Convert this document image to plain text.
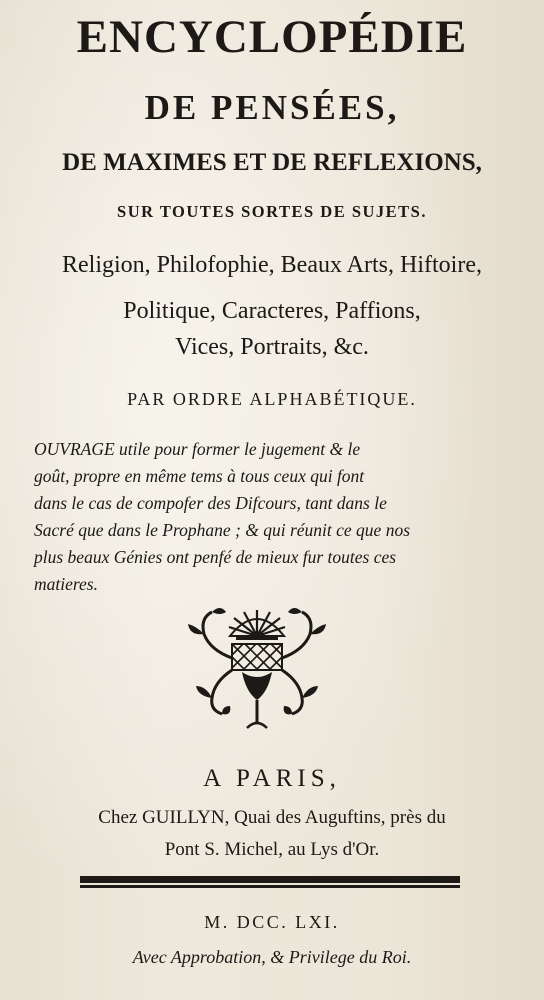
ENCYCLOPÉDIE
DE PENSÉES,
DE MAXIMES ET DE REFLEXIONS,
SUR TOUTES SORTES DE SUJETS.
Religion, Philofophie, Beaux Arts, Hiftoire,
Politique, Caracteres, Paffions,
Vices, Portraits, &c.
PAR ORDRE ALPHABÉTIQUE.
OUVRAGE utile pour former le jugement & le
goût, propre en même tems à tous ceux qui font
dans le cas de compofer des Difcours, tant dans le
Sacré que dans le Prophane ; & qui réunit ce que nos
plus beaux Génies ont penfé de mieux fur toutes ces
matieres.
A PARIS,
Chez GUILLYN, Quai des Auguftins, près du
Pont S. Michel, au Lys d'Or.
M. DCC. LXI.
Avec Approbation, & Privilege du Roi.
